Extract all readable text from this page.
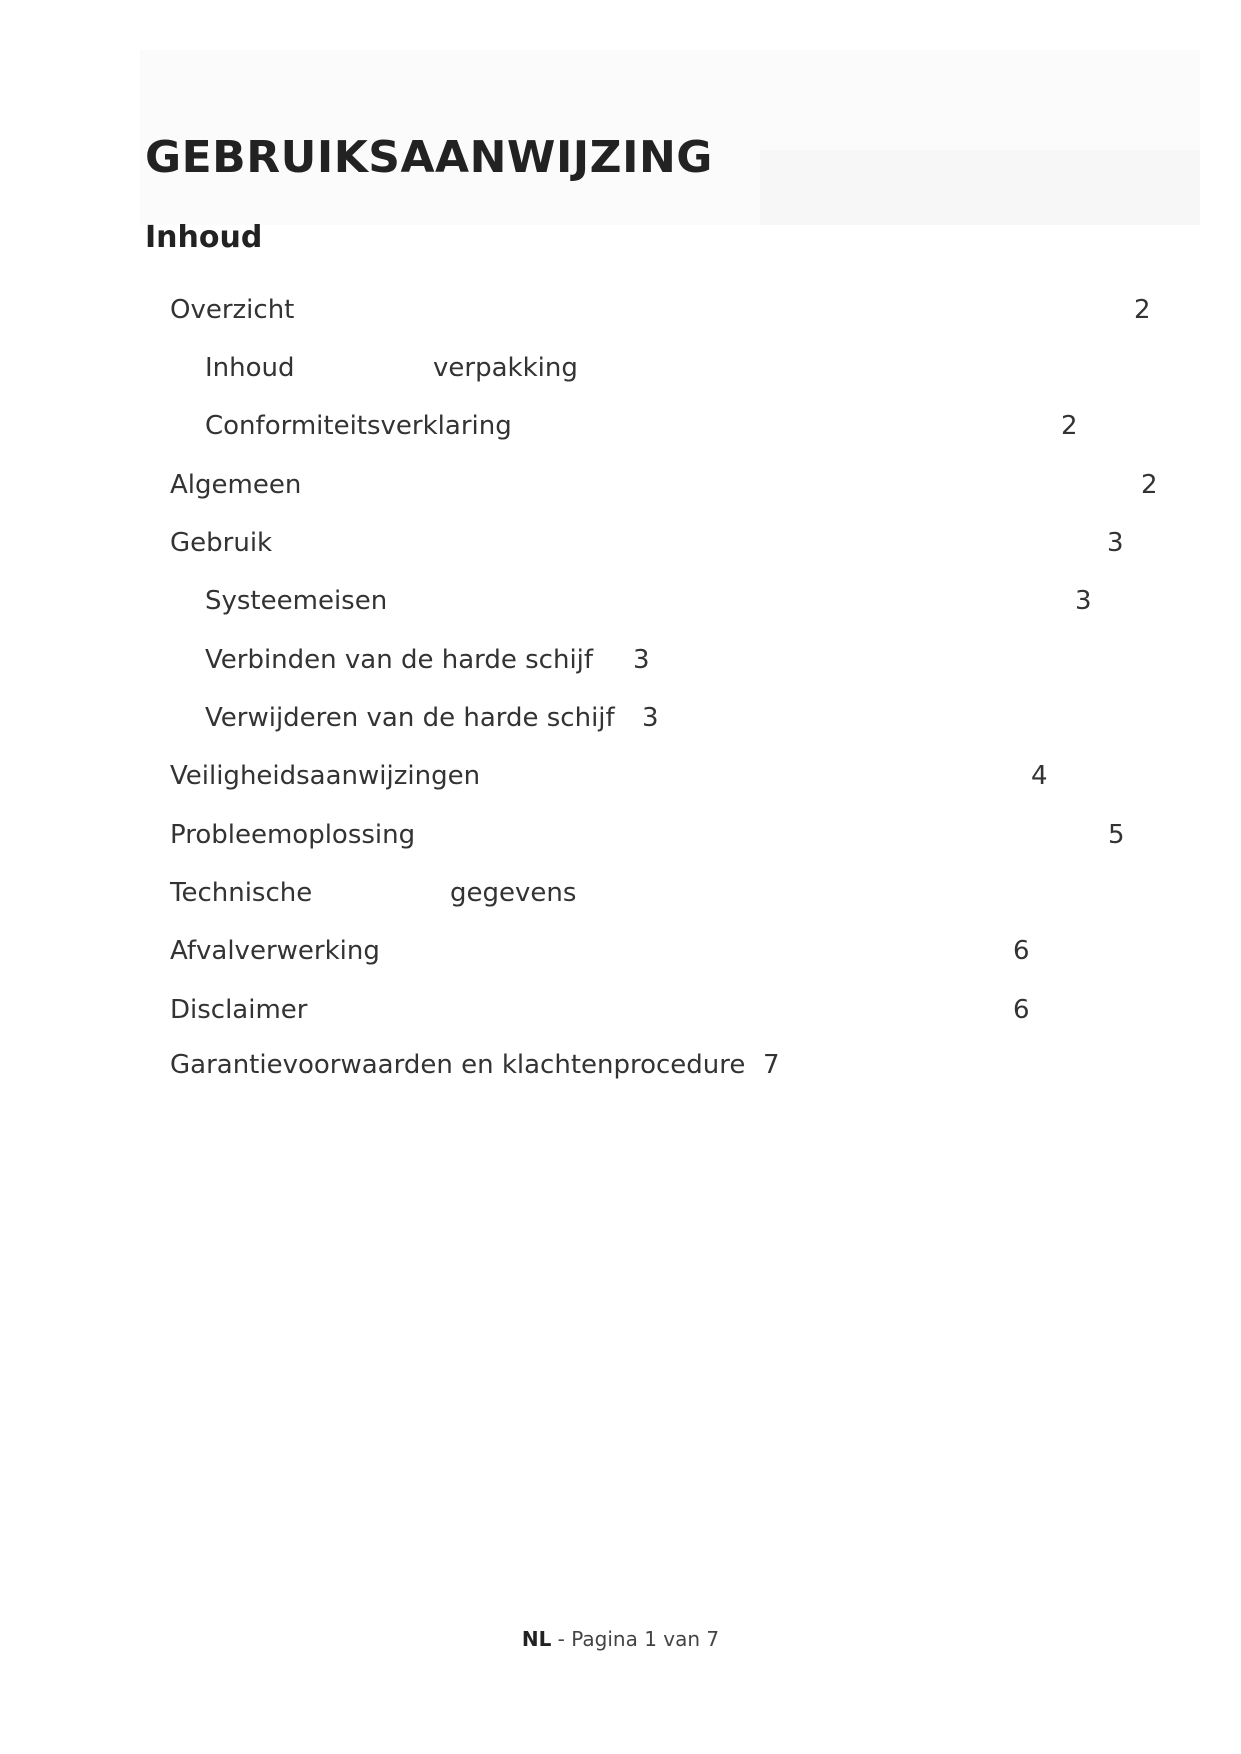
GEBRUIKSAANWIJZING
Inhoud
Overzicht	2
Inhoud	verpakking
Conformiteitsverklaring	2
Algemeen	2
Gebruik	3
Systeemeisen	3
Verbinden van de harde schijf 3
Verwijderen van de harde schijf 3
Veiligheidsaanwijzingen	4
Probleemoplossing	5
Technische	gegevens
Afvalverwerking	6
Disclaimer	6
Garantievoorwaarden en klachtenprocedure 7
NL - Pagina 1 van 7
